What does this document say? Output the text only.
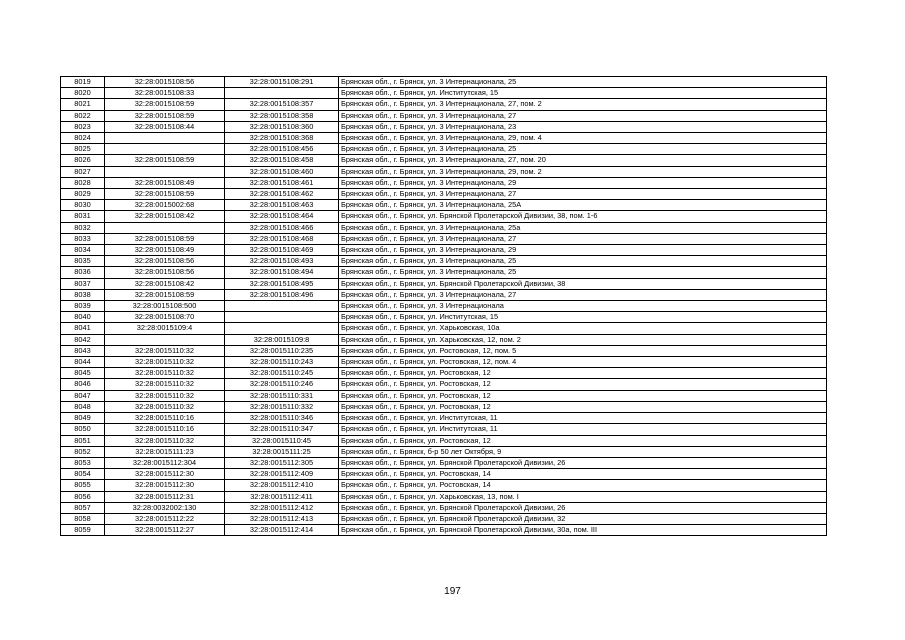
8019	32:28:0015108:56	32:28:0015108:291	Брянская обл., г. Брянск, ул. 3 Интернационала, 25
8020	32:28:0015108:33		Брянская обл., г. Брянск, ул. Институтская, 15
8021	32:28:0015108:59	32:28:0015108:357	Брянская обл., г. Брянск, ул. 3 Интернационала, 27, пом. 2
8022	32:28:0015108:59	32:28:0015108:358	Брянская обл., г. Брянск, ул. 3 Интернационала, 27
8023	32:28:0015108:44	32:28:0015108:360	Брянская обл., г. Брянск, ул. 3 Интернационала, 23
8024		32:28:0015108:368	Брянская обл., г. Брянск, ул. 3 Интернационала, 29, пом. 4
8025		32:28:0015108:456	Брянская обл., г. Брянск, ул. 3 Интернационала, 25
8026	32:28:0015108:59	32:28:0015108:458	Брянская обл., г. Брянск, ул. 3 Интернационала, 27, пом. 20
8027		32:28:0015108:460	Брянская обл., г. Брянск, ул. 3 Интернационала, 29, пом. 2
8028	32:28:0015108:49	32:28:0015108:461	Брянская обл., г. Брянск, ул. 3 Интернационала, 29
8029	32:28:0015108:59	32:28:0015108:462	Брянская обл., г. Брянск, ул. 3 Интернационала, 27
8030	32:28:0015002:68	32:28:0015108:463	Брянская обл., г. Брянск, ул. 3 Интернационала, 25А
8031	32:28:0015108:42	32:28:0015108:464	Брянская обл., г. Брянск, ул. Брянской Пролетарской Дивизии, 38, пом. 1-6
8032		32:28:0015108:466	Брянская обл., г. Брянск, ул. 3 Интернационала, 25а
8033	32:28:0015108:59	32:28:0015108:468	Брянская обл., г. Брянск, ул. 3 Интернационала, 27
8034	32:28:0015108:49	32:28:0015108:469	Брянская обл., г. Брянск, ул. 3 Интернационала, 29
8035	32:28:0015108:56	32:28:0015108:493	Брянская обл., г. Брянск, ул. 3 Интернационала, 25
8036	32:28:0015108:56	32:28:0015108:494	Брянская обл., г. Брянск, ул. 3 Интернационала, 25
8037	32:28:0015108:42	32:28:0015108:495	Брянская обл., г. Брянск, ул. Брянской Пролетарской Дивизии, 38
8038	32:28:0015108:59	32:28:0015108:496	Брянская обл., г. Брянск, ул. 3 Интернационала, 27
8039	32:28:0015108:500		Брянская обл., г. Брянск, ул. 3 Интернационала
8040	32:28:0015108:70		Брянская обл., г. Брянск, ул. Институтская, 15
8041	32:28:0015109:4		Брянская обл., г. Брянск, ул. Харьковская, 10а
8042		32:28:0015109:8	Брянская обл., г. Брянск, ул. Харьковская, 12, пом. 2
8043	32:28:0015110:32	32:28:0015110:235	Брянская обл., г. Брянск, ул. Ростовская, 12, пом. 5
8044	32:28:0015110:32	32:28:0015110:243	Брянская обл., г. Брянск, ул. Ростовская, 12, пом. 4
8045	32:28:0015110:32	32:28:0015110:245	Брянская обл., г. Брянск, ул. Ростовская, 12
8046	32:28:0015110:32	32:28:0015110:246	Брянская обл., г. Брянск, ул. Ростовская, 12
8047	32:28:0015110:32	32:28:0015110:331	Брянская обл., г. Брянск, ул. Ростовская, 12
8048	32:28:0015110:32	32:28:0015110:332	Брянская обл., г. Брянск, ул. Ростовская, 12
8049	32:28:0015110:16	32:28:0015110:346	Брянская обл., г. Брянск, ул. Институтская, 11
8050	32:28:0015110:16	32:28:0015110:347	Брянская обл., г. Брянск, ул. Институтская, 11
8051	32:28:0015110:32	32:28:0015110:45	Брянская обл., г. Брянск, ул. Ростовская, 12
8052	32:28:0015111:23	32:28:0015111:25	Брянская обл., г. Брянск, б-р 50 лет Октября, 9
8053	32:28:0015112:304	32:28:0015112:305	Брянская обл., г. Брянск, ул. Брянской Пролетарской Дивизии, 26
8054	32:28:0015112:30	32:28:0015112:409	Брянская обл., г. Брянск, ул. Ростовская, 14
8055	32:28:0015112:30	32:28:0015112:410	Брянская обл., г. Брянск, ул. Ростовская, 14
8056	32:28:0015112:31	32:28:0015112:411	Брянская обл., г. Брянск, ул. Харьковская, 13, пом. I
8057	32:28:0032002:130	32:28:0015112:412	Брянская обл., г. Брянск, ул. Брянской Пролетарской Дивизии, 26
8058	32:28:0015112:22	32:28:0015112:413	Брянская обл., г. Брянск, ул. Брянской Пролетарской Дивизии, 32
8059	32:28:0015112:27	32:28:0015112:414	Брянская обл., г. Брянск, ул. Брянской Пролетарской Дивизии, 30а, пом. III
197
